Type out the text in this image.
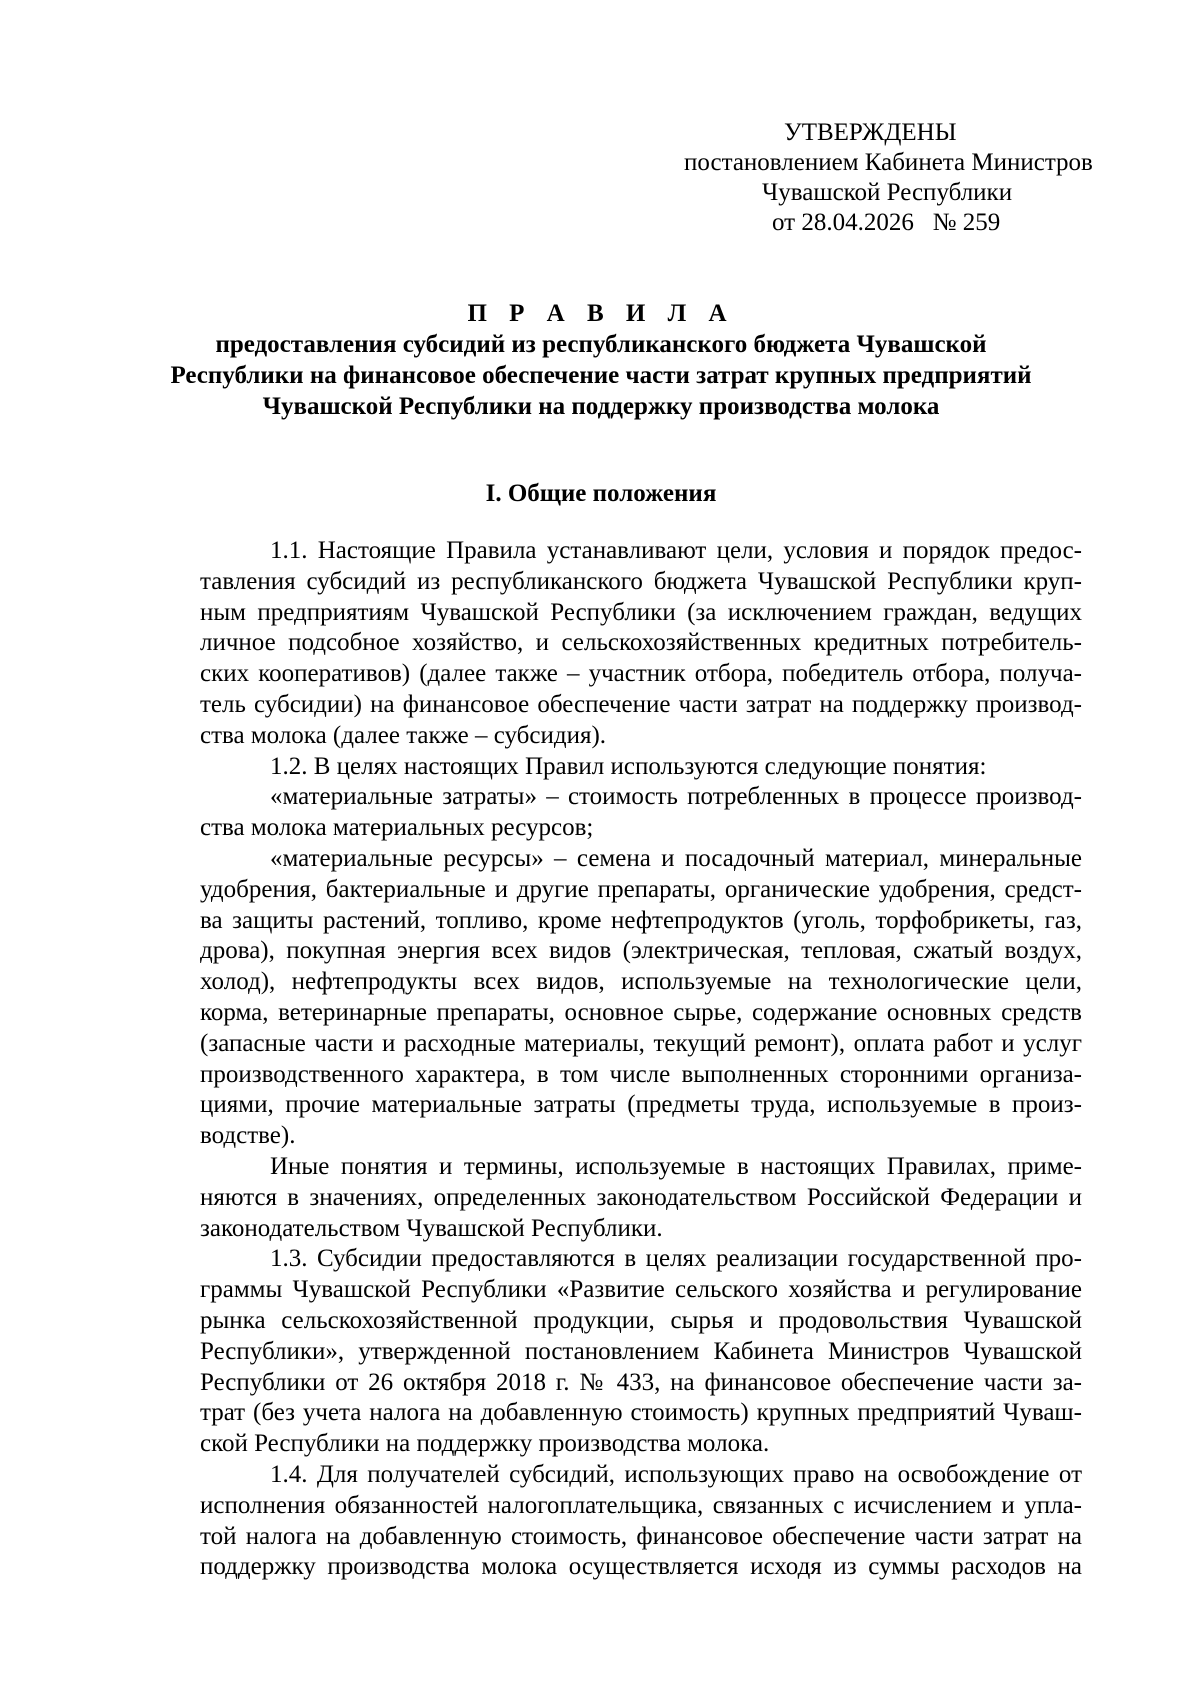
УТВЕРЖДЕНЫ
постановлением Кабинета Министров
Чувашской Республики
от 28.04.2026   № 259
П Р А В И Л А
предоставления субсидий из республиканского бюджета Чувашской
Республики на финансовое обеспечение части затрат крупных предприятий
Чувашской Республики на поддержку производства молока
I. Общие положения
1.1. Настоящие Правила устанавливают цели, условия и порядок предос-
тавления субсидий из республиканского бюджета Чувашской Республики круп-
ным предприятиям Чувашской Республики (за исключением граждан, ведущих
личное подсобное хозяйство, и сельскохозяйственных кредитных потребитель-
ских кооперативов) (далее также – участник отбора, победитель отбора, получа-
тель субсидии) на финансовое обеспечение части затрат на поддержку производ-
ства молока (далее также – субсидия).
1.2. В целях настоящих Правил используются следующие понятия:
«материальные затраты» – стоимость потребленных в процессе производ-
ства молока материальных ресурсов;
«материальные ресурсы» – семена и посадочный материал, минеральные
удобрения, бактериальные и другие препараты, органические удобрения, средст-
ва защиты растений, топливо, кроме нефтепродуктов (уголь, торфобрикеты, газ,
дрова), покупная энергия всех видов (электрическая, тепловая, сжатый воздух,
холод), нефтепродукты всех видов, используемые на технологические цели,
корма, ветеринарные препараты, основное сырье, содержание основных средств
(запасные части и расходные материалы, текущий ремонт), оплата работ и услуг
производственного характера, в том числе выполненных сторонними организа-
циями, прочие материальные затраты (предметы труда, используемые в произ-
водстве).
Иные понятия и термины, используемые в настоящих Правилах, приме-
няются в значениях, определенных законодательством Российской Федерации и
законодательством Чувашской Республики.
1.3. Субсидии предоставляются в целях реализации государственной про-
граммы Чувашской Республики «Развитие сельского хозяйства и регулирование
рынка сельскохозяйственной продукции, сырья и продовольствия Чувашской
Республики», утвержденной постановлением Кабинета Министров Чувашской
Республики от 26 октября 2018 г. № 433, на финансовое обеспечение части за-
трат (без учета налога на добавленную стоимость) крупных предприятий Чуваш-
ской Республики на поддержку производства молока.
1.4. Для получателей субсидий, использующих право на освобождение от
исполнения обязанностей налогоплательщика, связанных с исчислением и упла-
той налога на добавленную стоимость, финансовое обеспечение части затрат на
поддержку производства молока осуществляется исходя из суммы расходов на
